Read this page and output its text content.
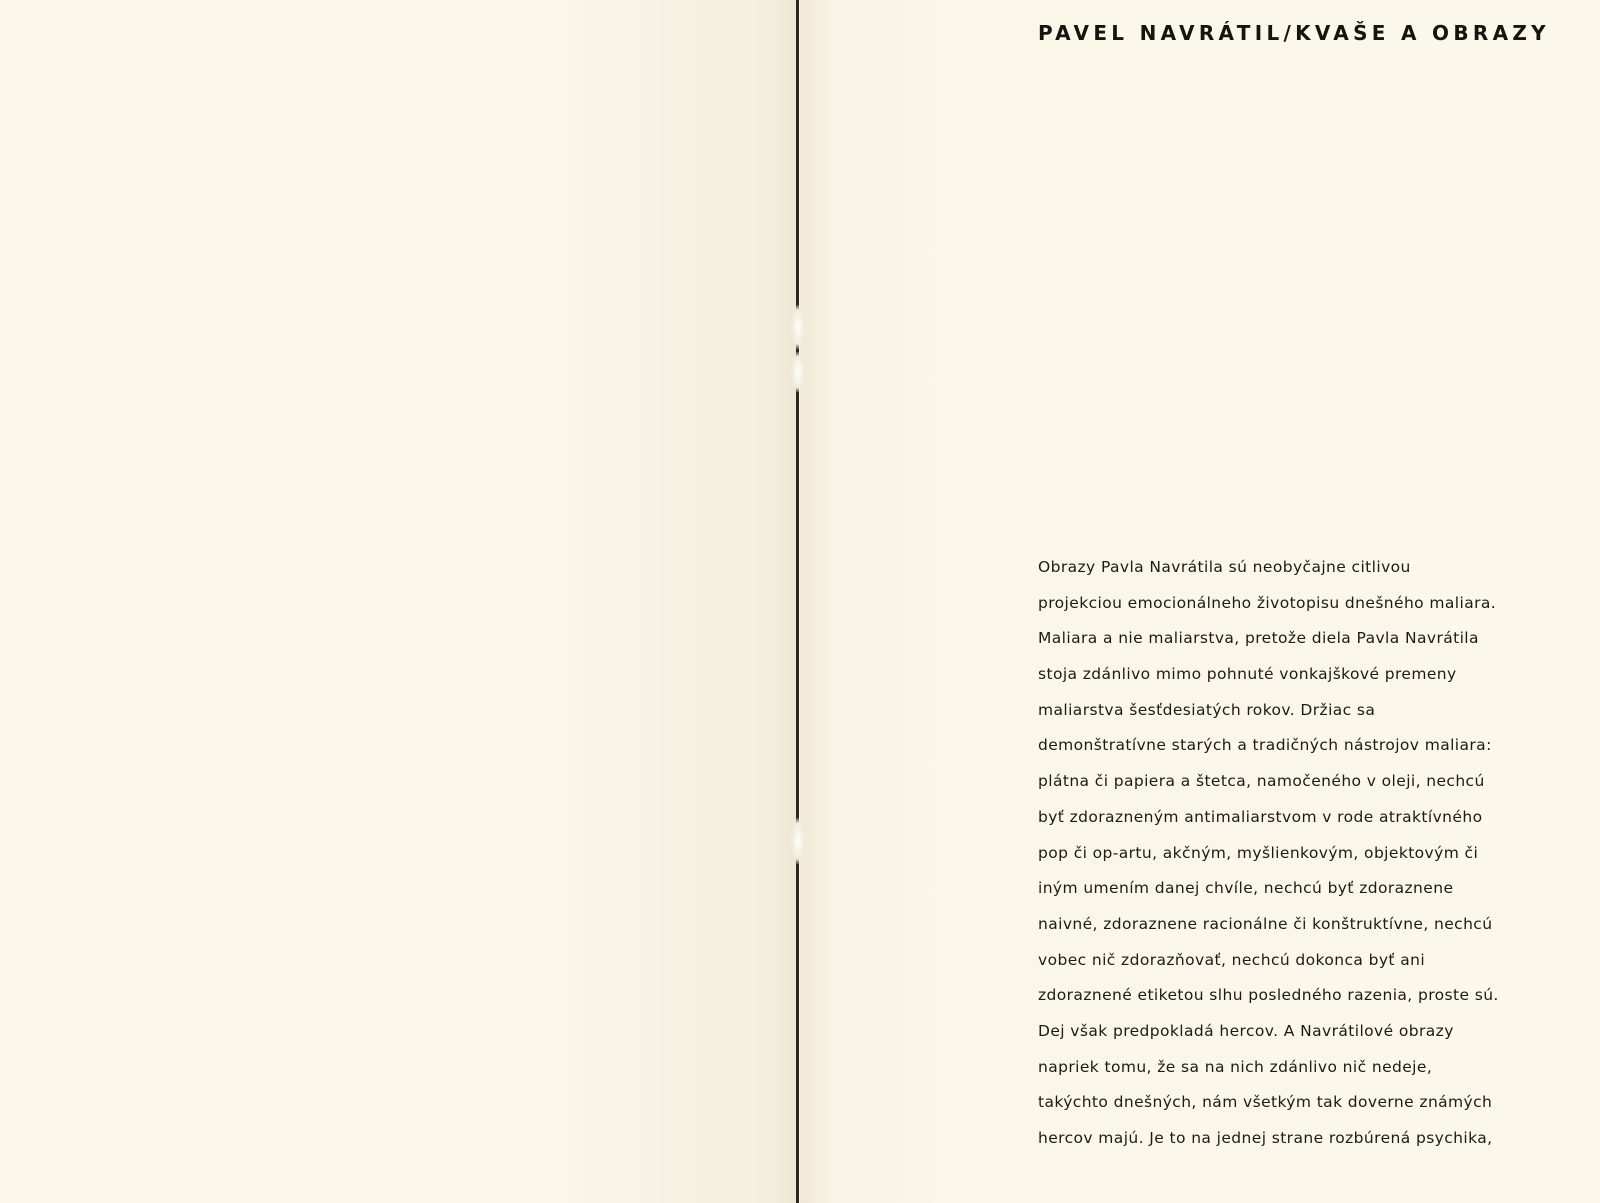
PAVEL NAVRÁTIL/KVAŠE A OBRAZY
Obrazy Pavla Navrátila sú neobyčajne citlivou
projekciou emocionálneho životopisu dnešného maliara.
Maliara a nie maliarstva, pretože diela Pavla Navrátila
stoja zdánlivo mimo pohnuté vonkajškové premeny
maliarstva šesťdesiatých rokov. Držiac sa
demonštratívne starých a tradičných nástrojov maliara:
plátna či papiera a štetca, namočeného v oleji, nechcú
byť zdorazneným antimaliarstvom v rode atraktívného
pop či op-artu, akčným, myšlienkovým, objektovým či
iným umením danej chvíle, nechcú byť zdoraznene
naivné, zdoraznene racionálne či konštruktívne, nechcú
vobec nič zdorazňovať, nechcú dokonca byť ani
zdoraznené etiketou slhu posledného razenia, proste sú.
Dej však predpokladá hercov. A Navrátilové obrazy
napriek tomu, že sa na nich zdánlivo nič nedeje,
takýchto dnešných, nám všetkým tak doverne známých
hercov majú. Je to na jednej strane rozbúrená psychika,
